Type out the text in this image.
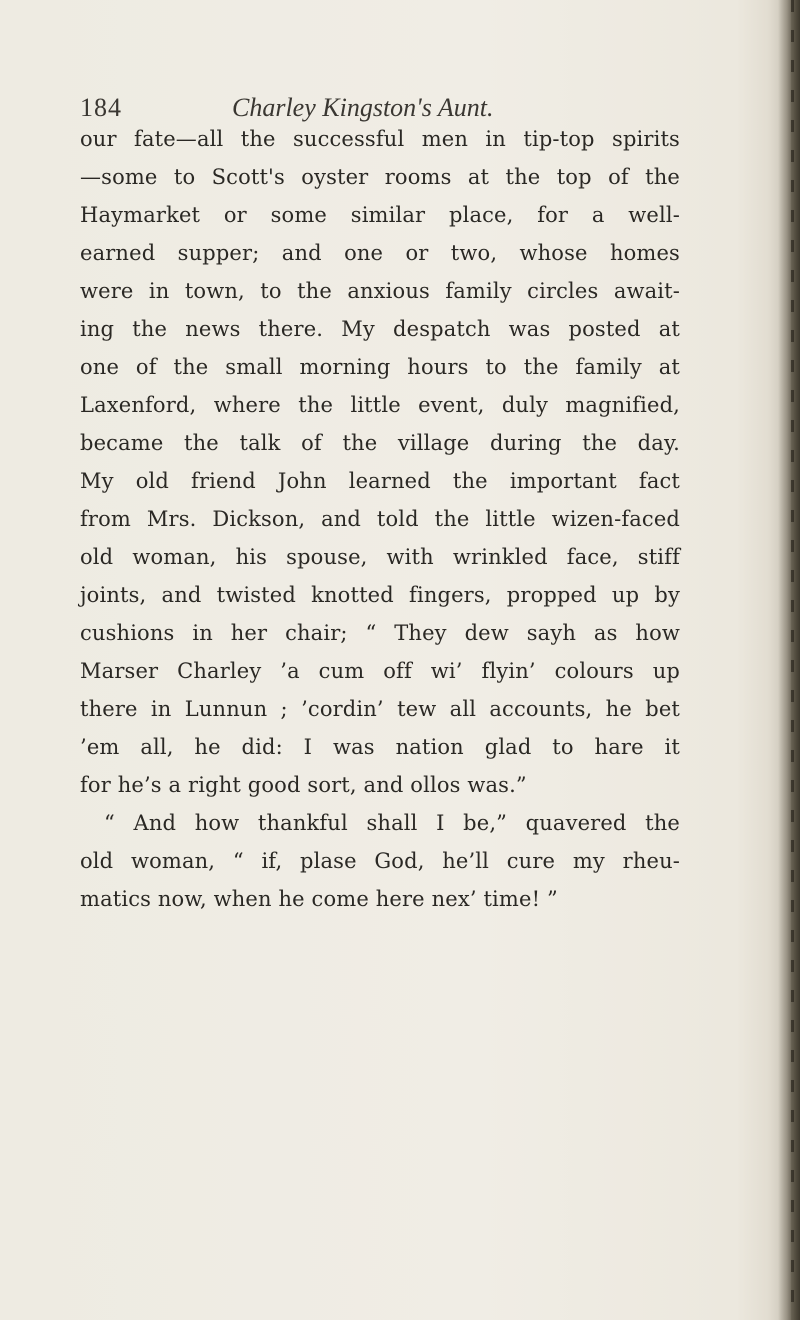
184	Charley Kingston's Aunt.
our fate—all the successful men in tip-top spirits
—some to Scott's oyster rooms at the top of the
Haymarket or some similar place, for a well-
earned supper; and one or two, whose homes
were in town, to the anxious family circles await-
ing the news there. My despatch was posted at
one of the small morning hours to the family at
Laxenford, where the little event, duly magnified,
became the talk of the village during the day.
My old friend John learned the important fact
from Mrs. Dickson, and told the little wizen-faced
old woman, his spouse, with wrinkled face, stiff
joints, and twisted knotted fingers, propped up by
cushions in her chair; “ They dew sayh as how
Marser Charley ’a cum off wi’ flyin’ colours up
there in Lunnun ; ’cordin’ tew all accounts, he bet
’em all, he did: I was nation glad to hare it
for he’s a right good sort, and ollos was.”
“ And how thankful shall I be,” quavered the
old woman, “ if, plase God, he’ll cure my rheu-
matics now, when he come here nex’ time! ”
